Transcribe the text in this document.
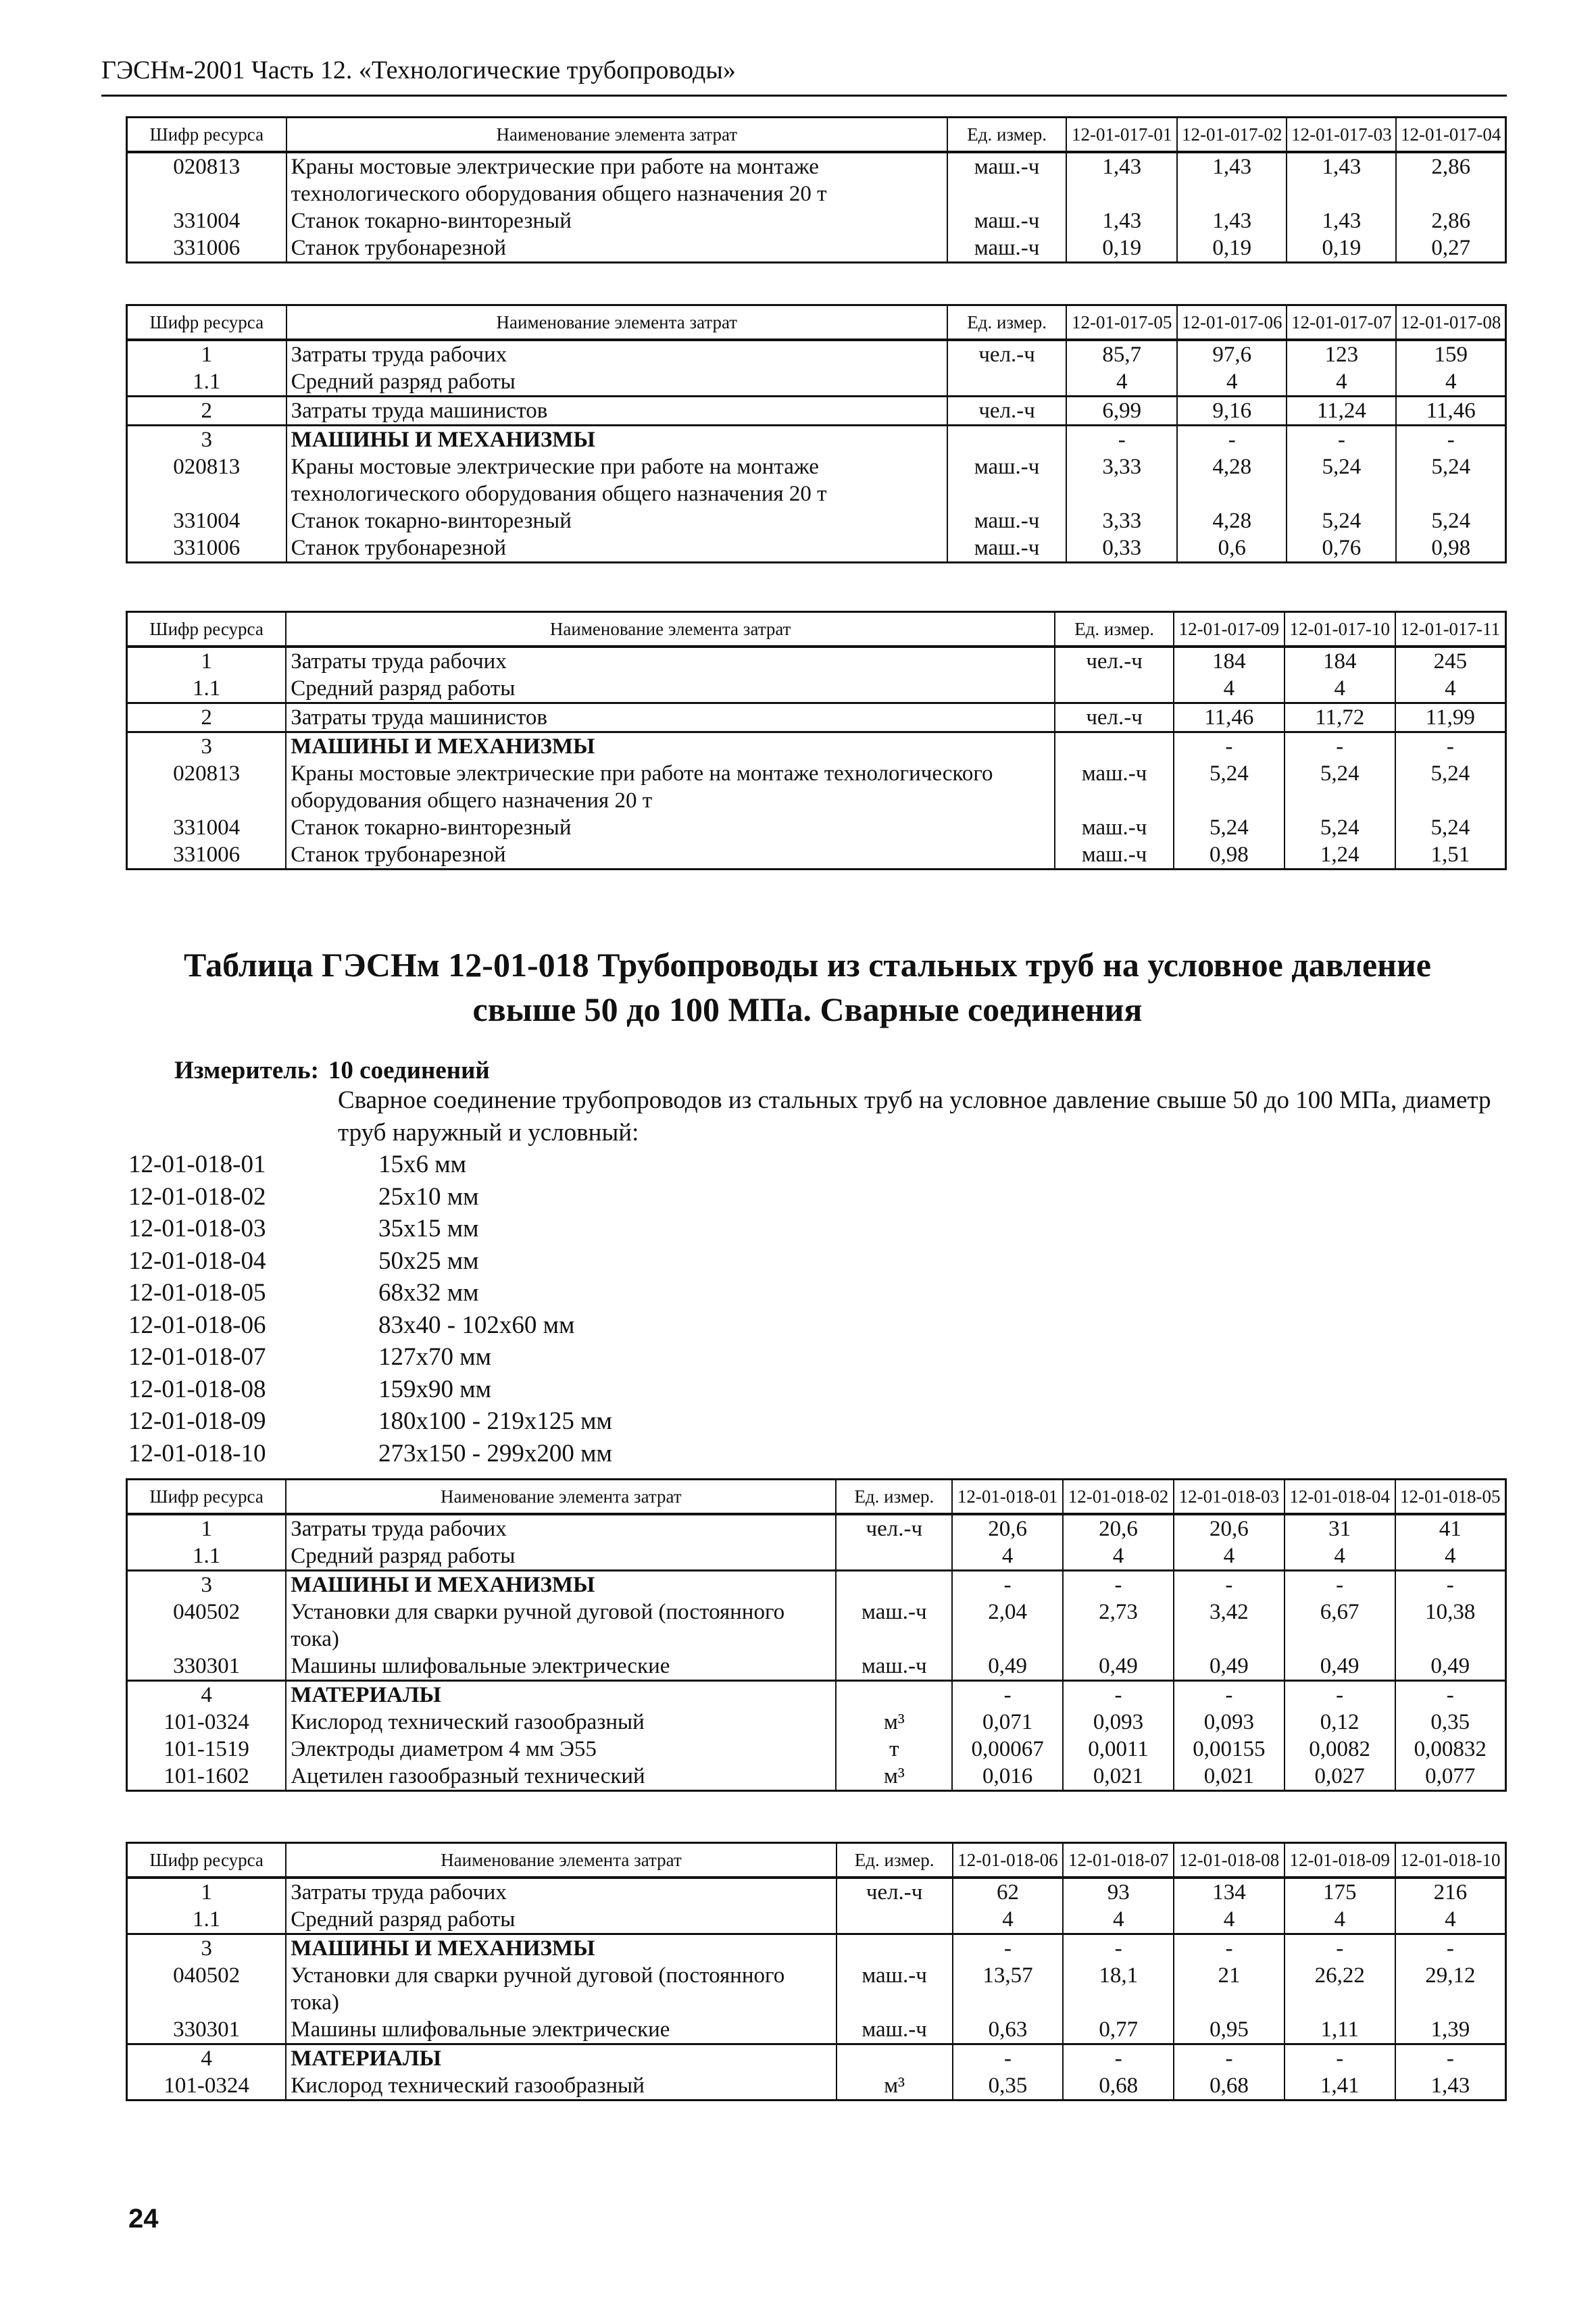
ГЭСНм-2001 Часть 12. «Технологические трубопроводы»
Шифр ресурса	Наименование элемента затрат	Ед. измер.	12-01-017-01	12-01-017-02	12-01-017-03	12-01-017-04
020813	Краны мостовые электрические при работе на монтаже технологического оборудования общего назначения 20 т	маш.-ч	1,43	1,43	1,43	2,86
331004	Станок токарно-винторезный	маш.-ч	1,43	1,43	1,43	2,86
331006	Станок трубонарезной	маш.-ч	0,19	0,19	0,19	0,27
Шифр ресурса	Наименование элемента затрат	Ед. измер.	12-01-017-05	12-01-017-06	12-01-017-07	12-01-017-08
1	Затраты труда рабочих	чел.-ч	85,7	97,6	123	159
1.1	Средний разряд работы		4	4	4	4
2	Затраты труда машинистов	чел.-ч	6,99	9,16	11,24	11,46
3	МАШИНЫ И МЕХАНИЗМЫ		-	-	-	-
020813	Краны мостовые электрические при работе на монтаже технологического оборудования общего назначения 20 т	маш.-ч	3,33	4,28	5,24	5,24
331004	Станок токарно-винторезный	маш.-ч	3,33	4,28	5,24	5,24
331006	Станок трубонарезной	маш.-ч	0,33	0,6	0,76	0,98
Шифр ресурса	Наименование элемента затрат	Ед. измер.	12-01-017-09	12-01-017-10	12-01-017-11
1	Затраты труда рабочих	чел.-ч	184	184	245
1.1	Средний разряд работы		4	4	4
2	Затраты труда машинистов	чел.-ч	11,46	11,72	11,99
3	МАШИНЫ И МЕХАНИЗМЫ		-	-	-
020813	Краны мостовые электрические при работе на монтаже технологического оборудования общего назначения 20 т	маш.-ч	5,24	5,24	5,24
331004	Станок токарно-винторезный	маш.-ч	5,24	5,24	5,24
331006	Станок трубонарезной	маш.-ч	0,98	1,24	1,51
Таблица ГЭСНм 12-01-018 Трубопроводы из стальных труб на условное давление свыше 50 до 100 МПа. Сварные соединения
Измеритель: 10 соединений
Сварное соединение трубопроводов из стальных труб на условное давление свыше 50 до 100 МПа, диаметр труб наружный и условный:
12-01-018-01	15х6 мм
12-01-018-02	25х10 мм
12-01-018-03	35х15 мм
12-01-018-04	50х25 мм
12-01-018-05	68х32 мм
12-01-018-06	83х40 - 102х60 мм
12-01-018-07	127х70 мм
12-01-018-08	159х90 мм
12-01-018-09	180х100 - 219х125 мм
12-01-018-10	273х150 - 299х200 мм
Шифр ресурса	Наименование элемента затрат	Ед. измер.	12-01-018-01	12-01-018-02	12-01-018-03	12-01-018-04	12-01-018-05
1	Затраты труда рабочих	чел.-ч	20,6	20,6	20,6	31	41
1.1	Средний разряд работы		4	4	4	4	4
3	МАШИНЫ И МЕХАНИЗМЫ		-	-	-	-	-
040502	Установки для сварки ручной дуговой (постоянного тока)	маш.-ч	2,04	2,73	3,42	6,67	10,38
330301	Машины шлифовальные электрические	маш.-ч	0,49	0,49	0,49	0,49	0,49
4	МАТЕРИАЛЫ		-	-	-	-	-
101-0324	Кислород технический газообразный	м³	0,071	0,093	0,093	0,12	0,35
101-1519	Электроды диаметром 4 мм Э55	т	0,00067	0,0011	0,00155	0,0082	0,00832
101-1602	Ацетилен газообразный технический	м³	0,016	0,021	0,021	0,027	0,077
Шифр ресурса	Наименование элемента затрат	Ед. измер.	12-01-018-06	12-01-018-07	12-01-018-08	12-01-018-09	12-01-018-10
1	Затраты труда рабочих	чел.-ч	62	93	134	175	216
1.1	Средний разряд работы		4	4	4	4	4
3	МАШИНЫ И МЕХАНИЗМЫ		-	-	-	-	-
040502	Установки для сварки ручной дуговой (постоянного тока)	маш.-ч	13,57	18,1	21	26,22	29,12
330301	Машины шлифовальные электрические	маш.-ч	0,63	0,77	0,95	1,11	1,39
4	МАТЕРИАЛЫ		-	-	-	-	-
101-0324	Кислород технический газообразный	м³	0,35	0,68	0,68	1,41	1,43
24
